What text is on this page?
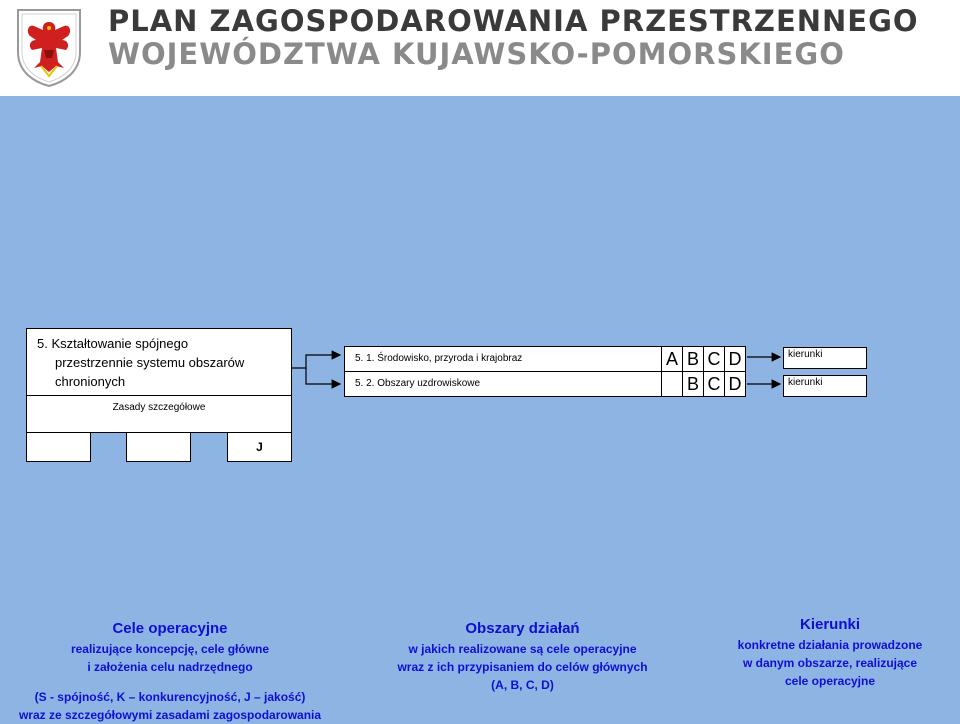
PLAN ZAGOSPODAROWANIA PRZESTRZENNEGO
WOJEWÓDZTWA KUJAWSKO-POMORSKIEGO
5. Kształtowanie spójnego
przestrzennie systemu obszarów
chronionych
Zasady szczegółowe
J
5. 1. Środowisko, przyroda i krajobraz	A B C D
5. 2. Obszary uzdrowiskowe	B C D
kierunki
kierunki
Cele operacyjne
realizujące koncepcję, cele główne
i założenia celu nadrzędnego
(S - spójność, K – konkurencyjność, J – jakość)
wraz ze szczegółowymi zasadami zagospodarowania
Obszary działań
w jakich realizowane są cele operacyjne
wraz z ich przypisaniem do celów głównych
(A, B, C, D)
Kierunki
konkretne działania prowadzone
w danym obszarze, realizujące
cele operacyjne
